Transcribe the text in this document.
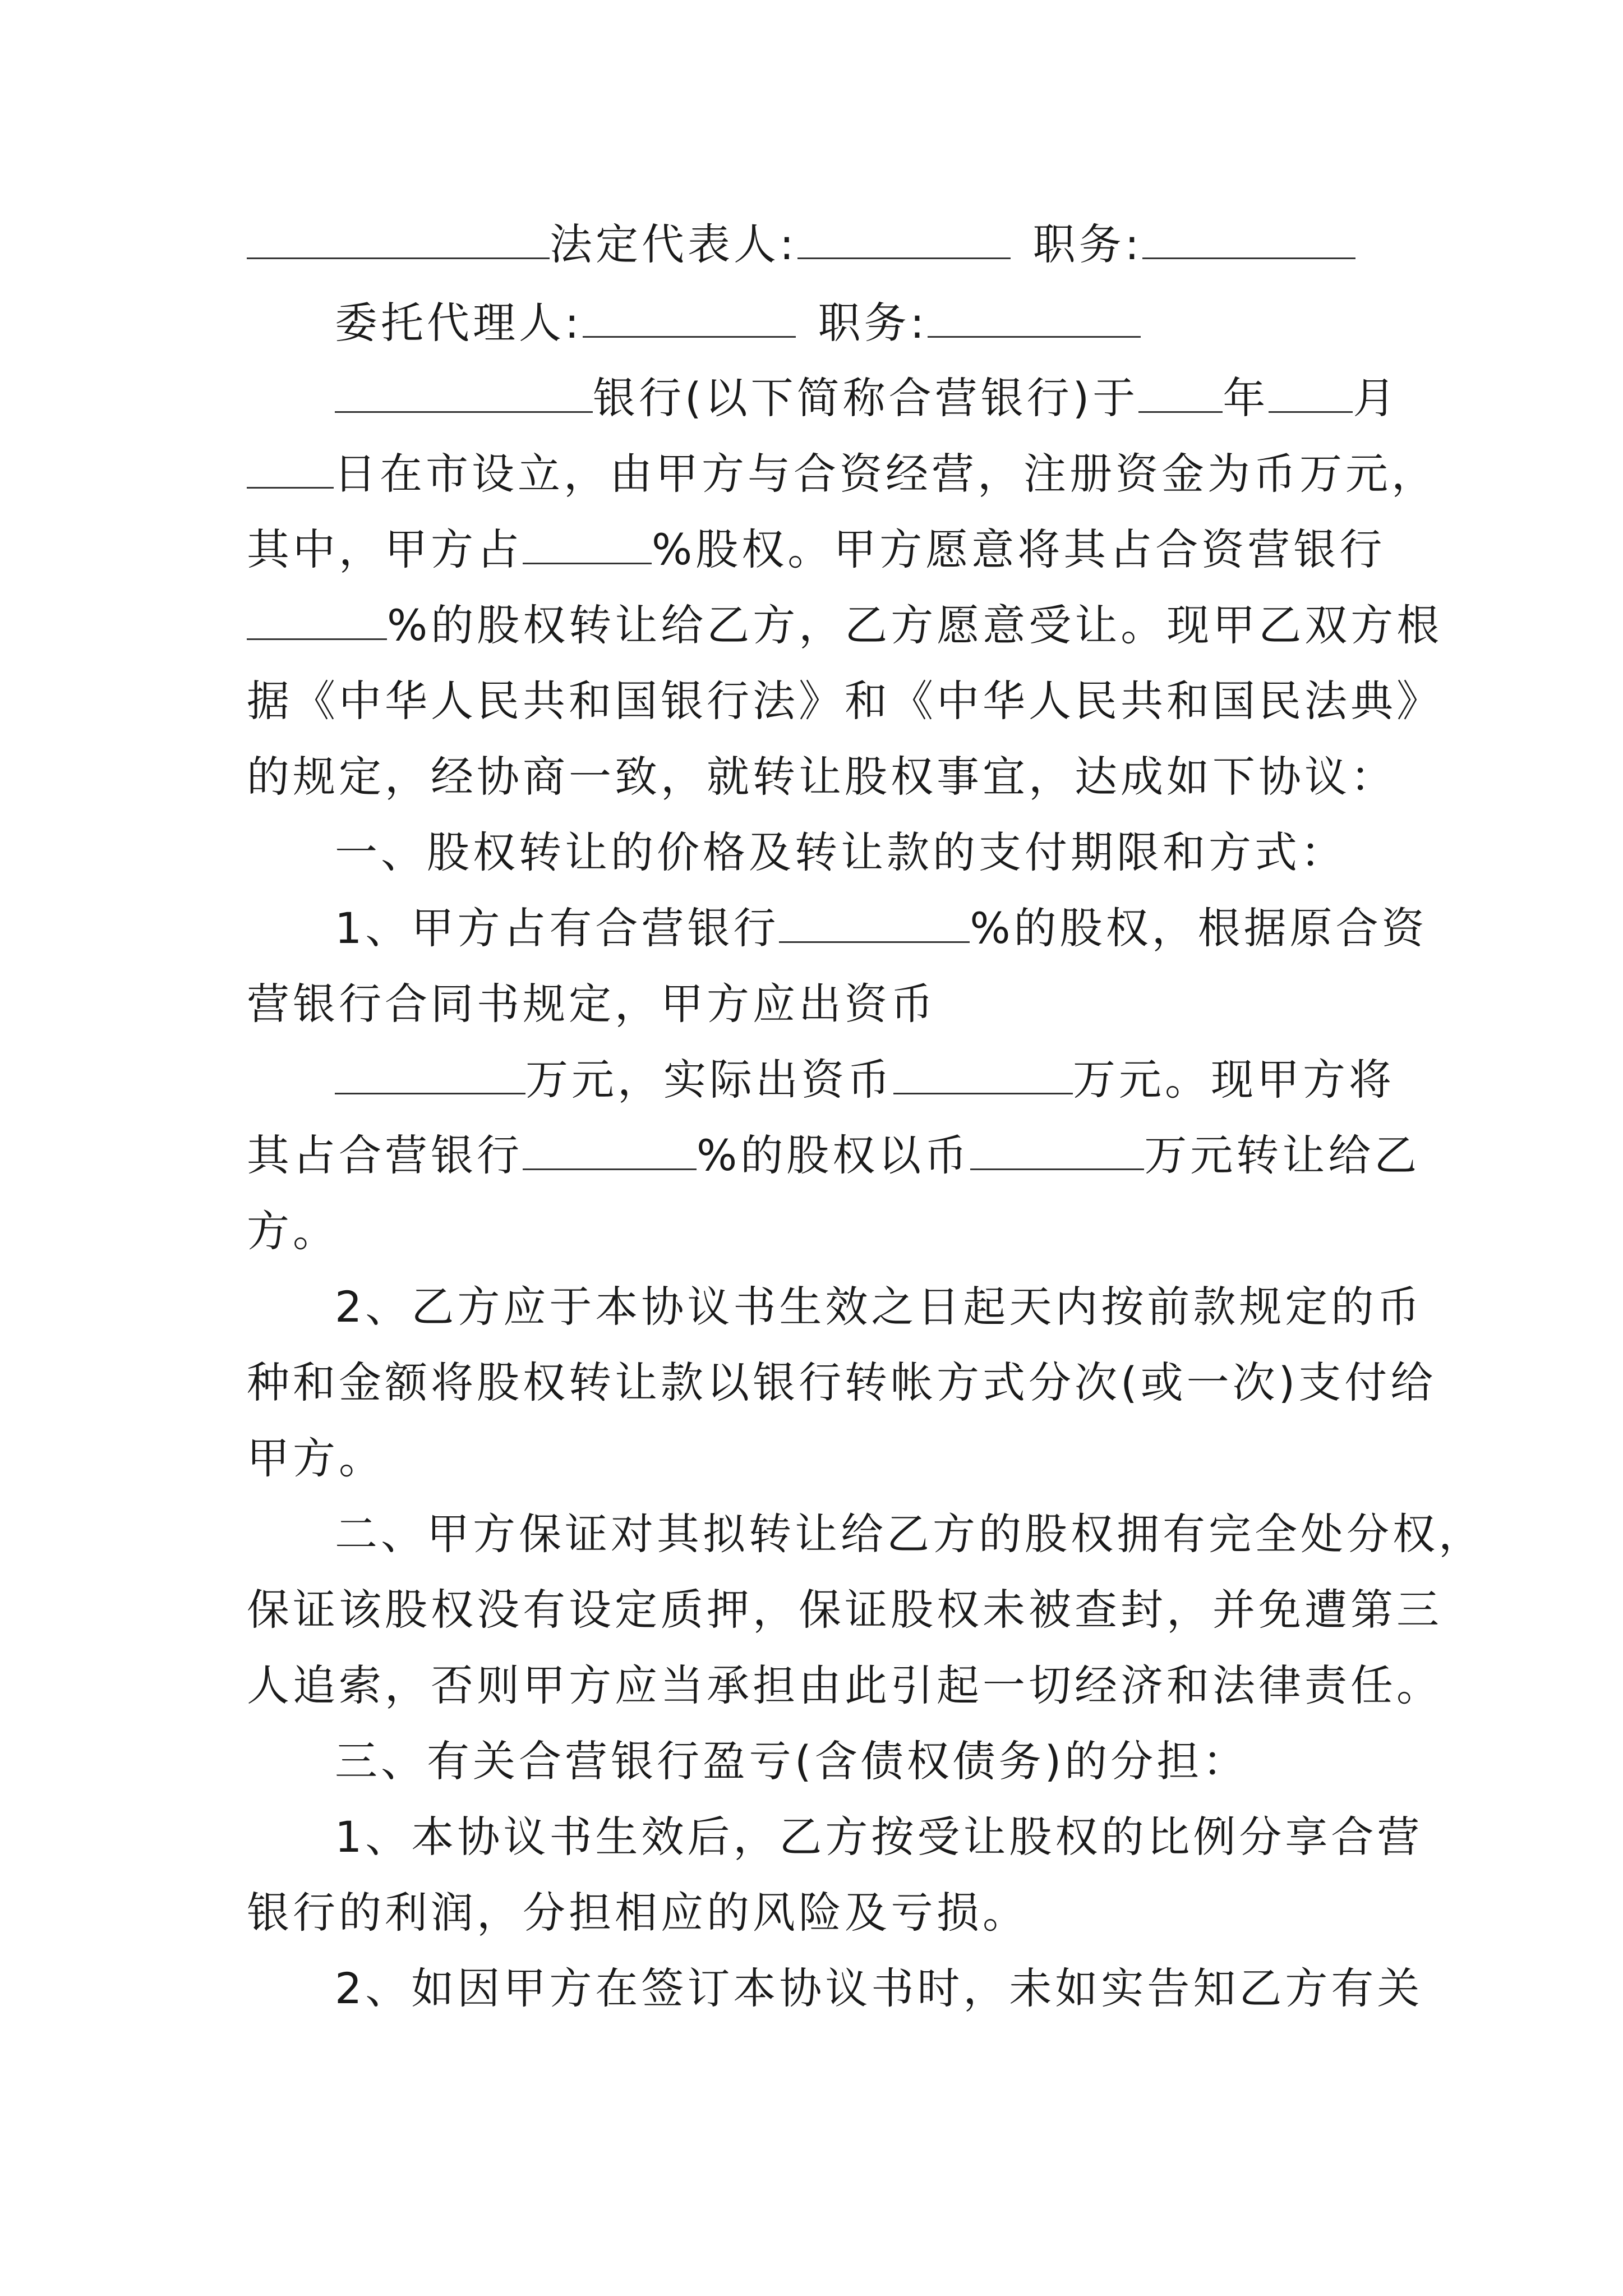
法定代表人:	职务:
委托代理人:	职务:
银行(以下简称合营银行)于 年 月
日在市设立，由甲方与合资经营，注册资金为币万元，
其中，甲方占	%股权。甲方愿意将其占合资营银行
%的股权转让给乙方，乙方愿意受让。现甲乙双方根
据《中华人民共和国银行法》和《中华人民共和国民法典》
的规定，经协商一致，就转让股权事宜，达成如下协议：
一、股权转让的价格及转让款的支付期限和方式：
1、甲方占有合营银行	%的股权，根据原合资
营银行合同书规定，甲方应出资币
万元，实际出资币	万元。现甲方将
其占合营银行	%的股权以币	万元转让给乙
方。
2、乙方应于本协议书生效之日起天内按前款规定的币
种和金额将股权转让款以银行转帐方式分次(或一次)支付给
甲方。
二、甲方保证对其拟转让给乙方的股权拥有完全处分权，
保证该股权没有设定质押，保证股权未被查封，并免遭第三
人追索，否则甲方应当承担由此引起一切经济和法律责任。
三、有关合营银行盈亏(含债权债务)的分担：
1、本协议书生效后，乙方按受让股权的比例分享合营
银行的利润，分担相应的风险及亏损。
2、如因甲方在签订本协议书时，未如实告知乙方有关
